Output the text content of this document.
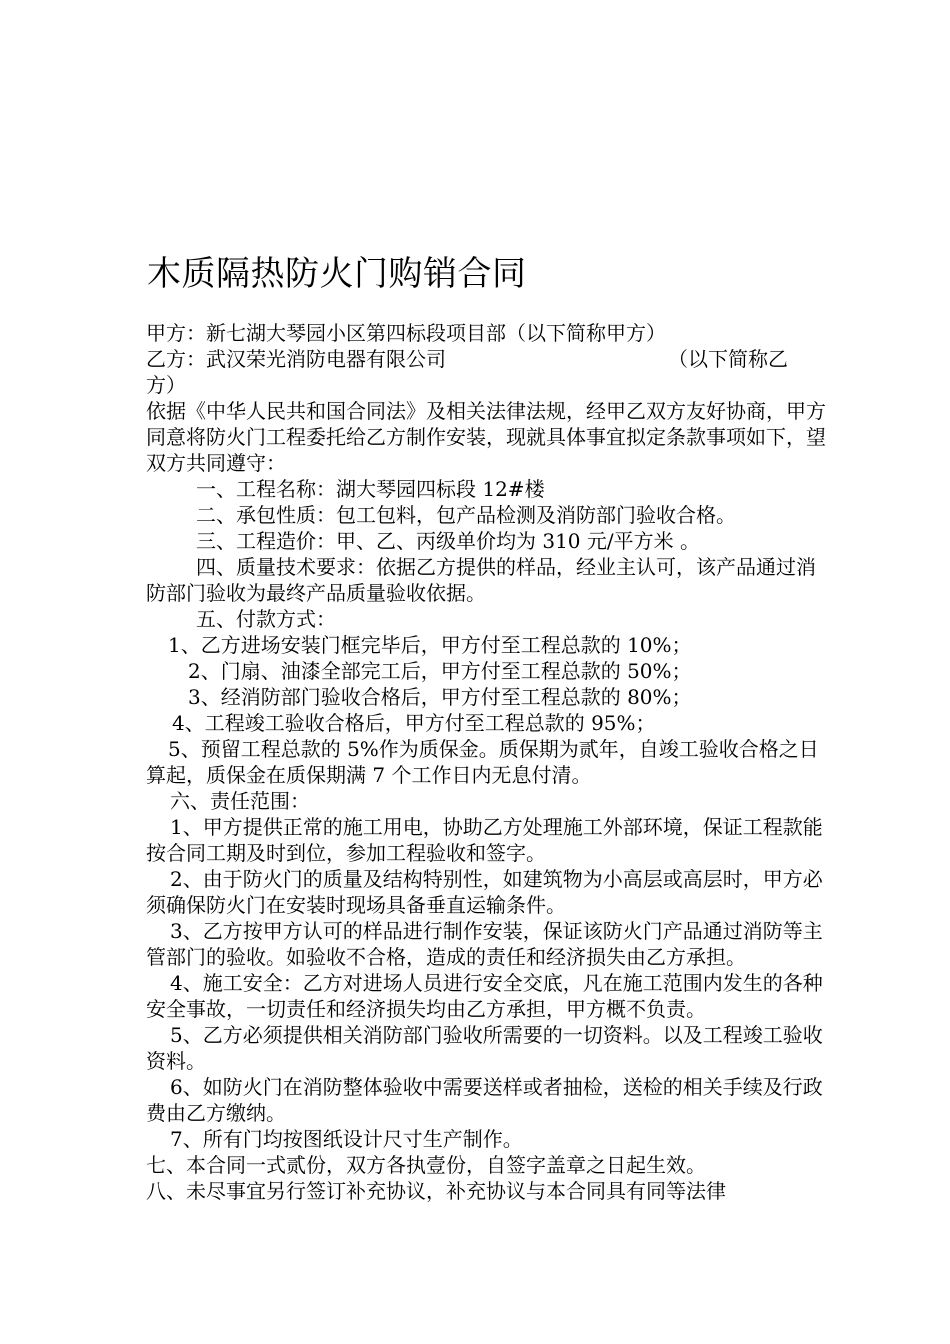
木质隔热防火门购销合同

甲方：新七湖大琴园小区第四标段项目部（以下简称甲方）

乙方：武汉荣光消防电器有限公司	（以下简称乙

方）

依据《中华人民共和国合同法》及相关法律法规，经甲乙双方友好协商，甲方同意将防火门工程委托给乙方制作安装，现就具体事宜拟定条款事项如下，望双方共同遵守：

一、工程名称：湖大琴园四标段 12#楼

二、承包性质：包工包料，包产品检测及消防部门验收合格。

三、工程造价：甲、乙、丙级单价均为 310 元/平方米 。

四、质量技术要求：依据乙方提供的样品，经业主认可，该产品通过消防部门验收为最终产品质量验收依据。

五、付款方式：

1、乙方进场安装门框完毕后，甲方付至工程总款的 10%；

2、门扇、油漆全部完工后，甲方付至工程总款的 50%；

3、经消防部门验收合格后，甲方付至工程总款的 80%；

4、工程竣工验收合格后，甲方付至工程总款的 95%；

5、预留工程总款的 5%作为质保金。质保期为贰年，自竣工验收合格之日算起，质保金在质保期满 7 个工作日内无息付清。

六、责任范围：

1、甲方提供正常的施工用电，协助乙方处理施工外部环境，保证工程款能按合同工期及时到位，参加工程验收和签字。

2、由于防火门的质量及结构特别性，如建筑物为小高层或高层时，甲方必须确保防火门在安装时现场具备垂直运输条件。

3、乙方按甲方认可的样品进行制作安装，保证该防火门产品通过消防等主管部门的验收。如验收不合格，造成的责任和经济损失由乙方承担。

4、施工安全：乙方对进场人员进行安全交底，凡在施工范围内发生的各种安全事故，一切责任和经济损失均由乙方承担，甲方概不负责。

5、乙方必须提供相关消防部门验收所需要的一切资料。以及工程竣工验收资料。

6、如防火门在消防整体验收中需要送样或者抽检，送检的相关手续及行政费由乙方缴纳。

7、所有门均按图纸设计尺寸生产制作。

七、本合同一式贰份，双方各执壹份，自签字盖章之日起生效。

八、未尽事宜另行签订补充协议，补充协议与本合同具有同等法律
